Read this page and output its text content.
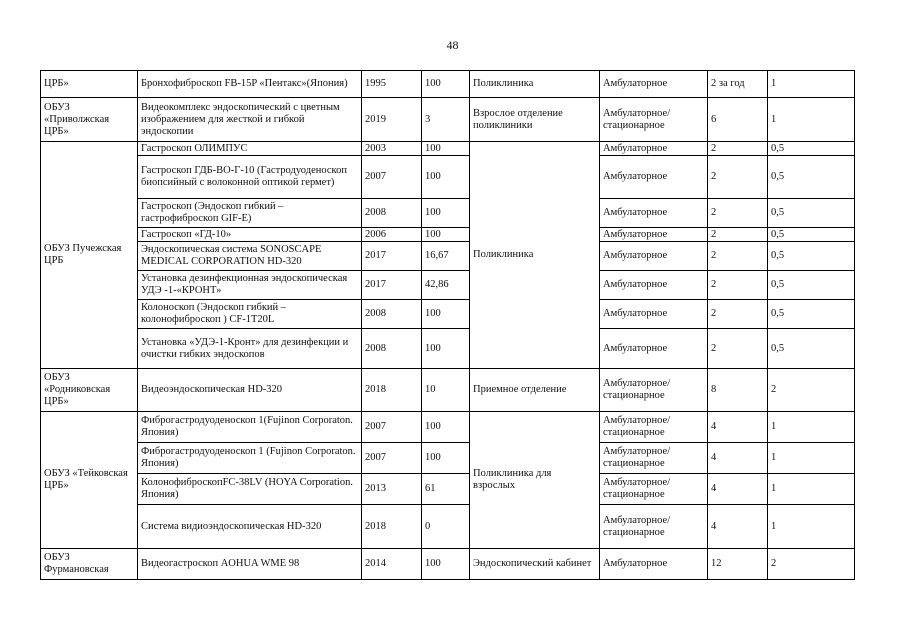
48
ЦРБ»	Бронхофиброскоп FB-15P «Пентакс»(Япония)	1995	100	Поликлиника	Амбулаторное	2 за год	1
ОБУЗ «Приволжская ЦРБ»	Видеокомплекс эндоскопический с цветным изображением для жесткой и гибкой эндоскопии	2019	3	Взрослое отделение поликлиники	Амбулаторное/ стационарное	6	1
ОБУЗ Пучежская ЦРБ	Гастроскоп ОЛИМПУС	2003	100	Поликлиника	Амбулаторное	2	0,5
	Гастроскоп ГДБ-ВО-Г-10 (Гастродуоденоскоп биопсийный с волоконной оптикой гермет)	2007	100		Амбулаторное	2	0,5
	Гастроскоп (Эндоскоп гибкий – гастрофиброскоп GIF-E)	2008	100		Амбулаторное	2	0,5
	Гастроскоп «ГД-10»	2006	100		Амбулаторное	2	0,5
	Эндоскопическая система SONOSCAPE MEDICAL CORPORATION HD-320	2017	16,67		Амбулаторное	2	0,5
	Установка дезинфекционная эндоскопическая УДЭ -1-«КРОНТ»	2017	42,86		Амбулаторное	2	0,5
	Колоноскоп (Эндоскоп гибкий – колонофиброскоп ) CF-1T20L	2008	100		Амбулаторное	2	0,5
	Установка «УДЭ-1-Кронт» для дезинфекции и очистки гибких эндоскопов	2008	100		Амбулаторное	2	0,5
ОБУЗ «Родниковская ЦРБ»	Видеоэндоскопическая HD-320	2018	10	Приемное отделение	Амбулаторное/ стационарное	8	2
ОБУЗ «Тейковская ЦРБ»	Фиброгастродуоденоскоп 1(Fujinon Corporaton. Япония)	2007	100	Поликлиника для взрослых	Амбулаторное/ стационарное	4	1
	Фиброгастродуоденоскоп 1 (Fujinon Corporaton. Япония)	2007	100		Амбулаторное/ стационарное	4	1
	КолонофиброскопFC-38LV (HOYA Corporation. Япония)	2013	61		Амбулаторное/ стационарное	4	1
	Система видиоэндоскопическая HD-320	2018	0		Амбулаторное/ стационарное	4	1
ОБУЗ Фурмановская	Видеогастроскоп AOHUA WME 98	2014	100	Эндоскопический кабинет	Амбулаторное	12	2
